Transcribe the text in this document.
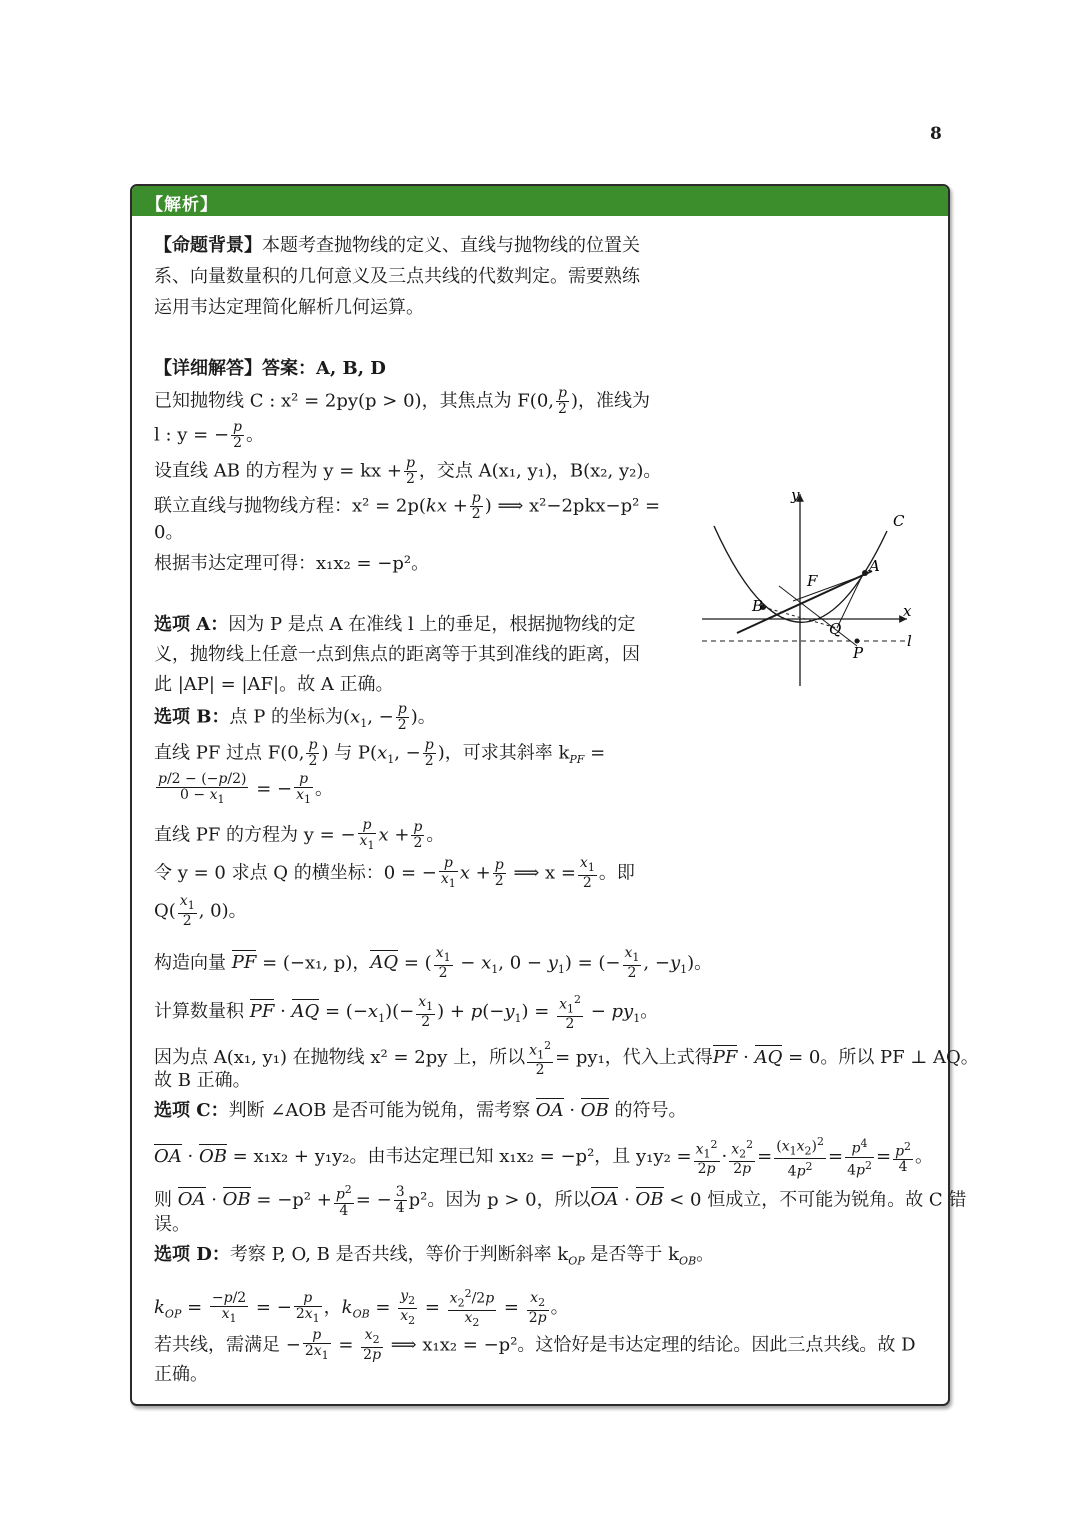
8
【解析】
【命题背景】本题考查抛物线的定义、直线与抛物线的位置关
系、向量数量积的几何意义及三点共线的代数判定。需要熟练
运用韦达定理简化解析几何运算。
【详细解答】答案：A, B, D
已知抛物线 C : x² = 2py(p > 0)，其焦点为 F(0, $\frac{p}{2}$ )，准线为
l : y = − $\frac{p}{2}$ 。
设直线 AB 的方程为 y = kx + $\frac{p}{2}$ ，交点 A(x₁, y₁)，B(x₂, y₂)。
联立直线与抛物线方程：$x^2 = 2p(kx + \frac{p}{2}$ ) ⟹ x²−2pkx−p² =
0。
根据韦达定理可得：x₁x₂ = −p²。
选项 A：因为 P 是点 A 在准线 l 上的垂足，根据抛物线的定
义，抛物线上任意一点到焦点的距离等于其到准线的距离，因
此 |AP| = |AF|。故 A 正确。
选项 B：点 P 的坐标为($x_1$, − $\frac{p}{2}$ )。
直线 PF 过点 F(0, $\frac{p}{2}$ ) 与 $P(x_1$, − $\frac{p}{2}$ )，可求其斜率 $k_{PF}$ =
$\frac{p/2 - (-p/2)}{0 - x_1}$ = − $\frac{p}{x_1}$ 。
直线 PF 的方程为 y = − $\frac{p}{x_1}$ $x + \frac{p}{2}$ 。
令 y = 0 求点 Q 的横坐标：0 = − $\frac{p}{x_1}$ $x + \frac{p}{2}$ ⟹ $x = \frac{x_1}{2}$ 。即
$Q( \frac{x_1}{2}$ , 0)。
构造向量 PF = (−x₁, p)，AQ = ( $\frac{x_1}{2} - x_1$, $0 - y_1$) = (− $\frac{x_1}{2}$ , $-y_1$)。
计算数量积 PF · AQ = $(-x_1)(- \frac{x_1}{2}$ ) + $p(-y_1) = \frac{x_1^2}{2} - py_1$。
因为点 A(x₁, y₁) 在抛物线 x² = 2py 上，所以 $\frac{x_1^2}{2} = py_1$，代入上式得PF · AQ = 0。所以 PF ⊥ AQ。
故 B 正确。
选项 C：判断 ∠AOB 是否可能为锐角，需考察 OA · OB 的符号。
OA · OB = x₁x₂ + y₁y₂。由韦达定理已知 x₁x₂ = −p²，且 $y_1y_2 = \frac{x_1^2}{2p} \cdot \frac{x_2^2}{2p} = \frac{(x_1x_2)^2}{4p^2} = \frac{p^4}{4p^2} = \frac{p^2}{4}$ 。
则 OA · OB = $-p^2 + \frac{p^2}{4}$ = − $\frac{3}{4} p^2$。因为 p > 0，所以OA · OB < 0 恒成立，不可能为锐角。故 C 错
误。
选项 D：考察 P, O, B 是否共线，等价于判断斜率 $k_{OP}$ 是否等于 $k_{OB}$。
$k_{OP} = \frac{-p/2}{x_1}$ = − $\frac{p}{2x_1}$ ，$k_{OB} = \frac{y_2}{x_2} = \frac{x_2^2/2p}{x_2} = \frac{x_2}{2p}$ 。
若共线，需满足 − $\frac{p}{2x_1} = \frac{x_2}{2p}$ ⟹ x₁x₂ = −p²。这恰好是韦达定理的结论。因此三点共线。故 D
正确。
y
x
C
A
F
B
Q
P
l
